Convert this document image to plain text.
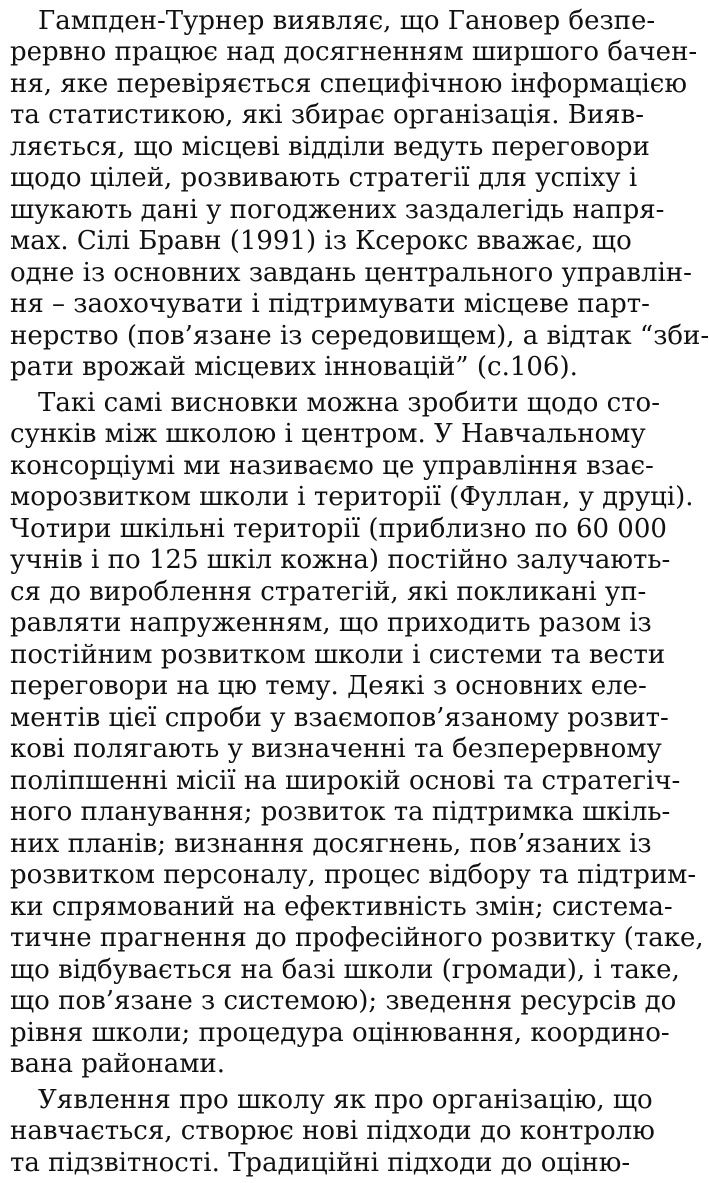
Гампден-Турнер виявляє, що Гановер безпе-
рервно працює над досягненням ширшого бачен-
ня, яке перевіряється специфічною інформацією
та статистикою, які збирає організація. Вияв-
ляється, що місцеві відділи ведуть переговори
щодо цілей, розвивають стратегії для успіху і
шукають дані у погоджених заздалегідь напря-
мах. Сілі Бравн (1991) із Ксерокс вважає, що
одне із основних завдань центрального управлін-
ня – заохочувати і підтримувати місцеве парт-
нерство (пов’язане із середовищем), а відтак “зби-
рати врожай місцевих інновацій” (с.106).
Такі самі висновки можна зробити щодо сто-
сунків між школою і центром. У Навчальному
консорціумі ми називаємо це управління взає-
морозвитком школи і території (Фуллан, у друці).
Чотири шкільні території (приблизно по 60 000
учнів і по 125 шкіл кожна) постійно залучають-
ся до вироблення стратегій, які покликані уп-
равляти напруженням, що приходить разом із
постійним розвитком школи і системи та вести
переговори на цю тему. Деякі з основних еле-
ментів цієї спроби у взаємопов’язаному розвит-
кові полягають у визначенні та безперервному
поліпшенні місії на широкій основі та стратегіч-
ного планування; розвиток та підтримка шкіль-
них планів; визнання досягнень, пов’язаних із
розвитком персоналу, процес відбору та підтрим-
ки спрямований на ефективність змін; система-
тичне прагнення до професійного розвитку (таке,
що відбувається на базі школи (громади), і таке,
що пов’язане з системою); зведення ресурсів до
рівня школи; процедура оцінювання, координо-
вана районами.
Уявлення про школу як про організацію, що
навчається, створює нові підходи до контролю
та підзвітності. Традиційні підходи до оціню-
